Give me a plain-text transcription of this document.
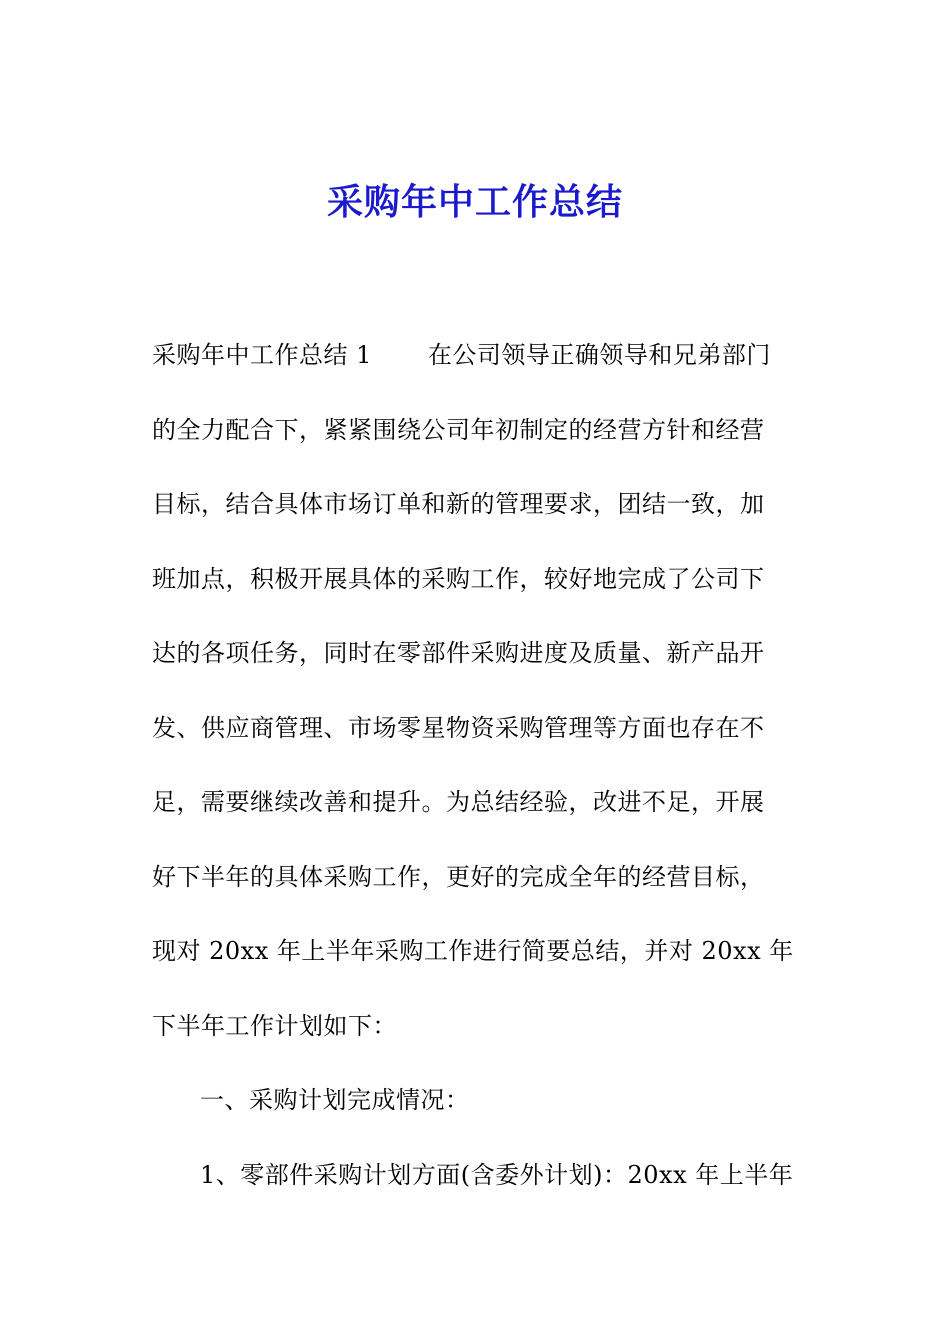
采购年中工作总结
采购年中工作总结 1 在公司领导正确领导和兄弟部门
的全力配合下，紧紧围绕公司年初制定的经营方针和经营
目标，结合具体市场订单和新的管理要求，团结一致，加
班加点，积极开展具体的采购工作，较好地完成了公司下
达的各项任务，同时在零部件采购进度及质量、新产品开
发、供应商管理、市场零星物资采购管理等方面也存在不
足，需要继续改善和提升。为总结经验，改进不足，开展
好下半年的具体采购工作，更好的完成全年的经营目标，
现对 20xx 年上半年采购工作进行简要总结，并对 20xx 年
下半年工作计划如下：
一、采购计划完成情况：
1、零部件采购计划方面(含委外计划)：20xx 年上半年
